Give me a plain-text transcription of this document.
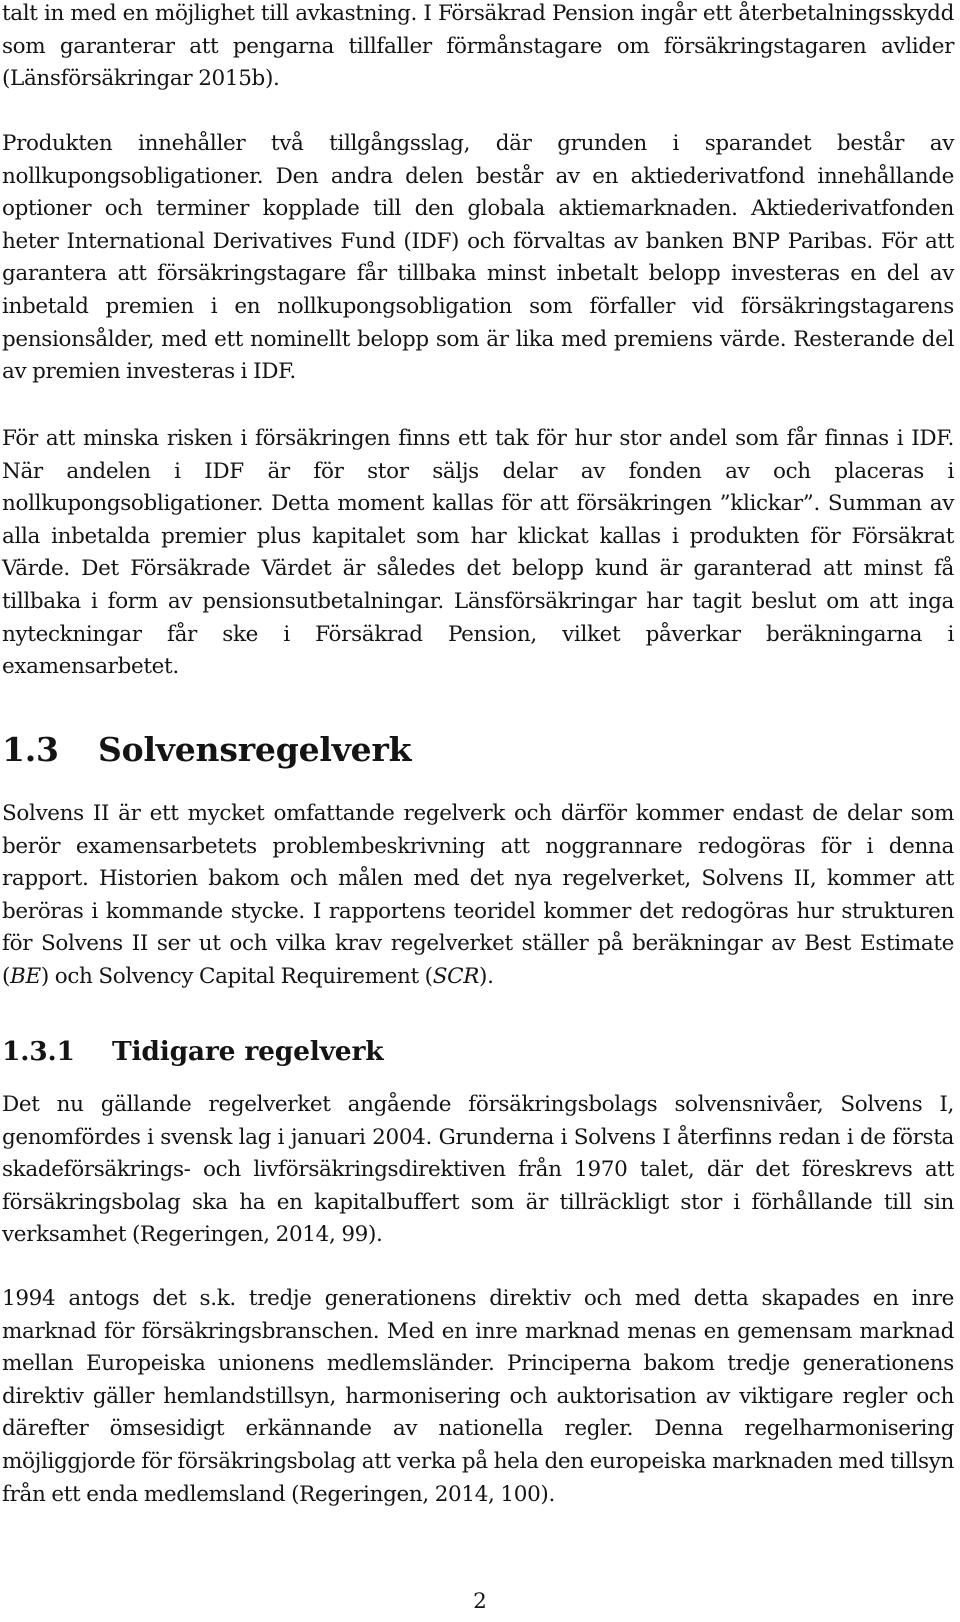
talt in med en möjlighet till avkastning. I Försäkrad Pension ingår ett återbetalningsskydd som garanterar att pengarna tillfaller förmånstagare om försäkringstagaren avlider (Länsförsäkringar 2015b).

Produkten innehåller två tillgångsslag, där grunden i sparandet består av nollkupongsobligationer. Den andra delen består av en aktiederivatfond innehållande optioner och terminer kopplade till den globala aktiemarknaden. Aktiederivatfonden heter International Derivatives Fund (IDF) och förvaltas av banken BNP Paribas. För att garantera att försäkringstagare får tillbaka minst inbetalt belopp investeras en del av inbetald premien i en nollkupongsobligation som förfaller vid försäkringstagarens pensionsålder, med ett nominellt belopp som är lika med premiens värde. Resterande del av premien investeras i IDF.

För att minska risken i försäkringen finns ett tak för hur stor andel som får finnas i IDF. När andelen i IDF är för stor säljs delar av fonden av och placeras i nollkupongsobligationer. Detta moment kallas för att försäkringen ”klickar”. Summan av alla inbetalda premier plus kapitalet som har klickat kallas i produkten för Försäkrat Värde. Det Försäkrade Värdet är således det belopp kund är garanterad att minst få tillbaka i form av pensionsutbetalningar. Länsförsäkringar har tagit beslut om att inga nyteckningar får ske i Försäkrad Pension, vilket påverkar beräkningarna i examensarbetet.

1.3 Solvensregelverk

Solvens II är ett mycket omfattande regelverk och därför kommer endast de delar som berör examensarbetets problembeskrivning att noggrannare redogöras för i denna rapport. Historien bakom och målen med det nya regelverket, Solvens II, kommer att beröras i kommande stycke. I rapportens teoridel kommer det redogöras hur strukturen för Solvens II ser ut och vilka krav regelverket ställer på beräkningar av Best Estimate (BE) och Solvency Capital Requirement (SCR).

1.3.1 Tidigare regelverk

Det nu gällande regelverket angående försäkringsbolags solvensnivåer, Solvens I, genomfördes i svensk lag i januari 2004. Grunderna i Solvens I återfinns redan i de första skadeförsäkrings- och livförsäkringsdirektiven från 1970 talet, där det föreskrevs att försäkringsbolag ska ha en kapitalbuffert som är tillräckligt stor i förhållande till sin verksamhet (Regeringen, 2014, 99).

1994 antogs det s.k. tredje generationens direktiv och med detta skapades en inre marknad för försäkringsbranschen. Med en inre marknad menas en gemensam marknad mellan Europeiska unionens medlemsländer. Principerna bakom tredje generationens direktiv gäller hemlandstillsyn, harmonisering och auktorisation av viktigare regler och därefter ömsesidigt erkännande av nationella regler. Denna regelharmonisering möjliggjorde för försäkringsbolag att verka på hela den europeiska marknaden med tillsyn från ett enda medlemsland (Regeringen, 2014, 100).

2
